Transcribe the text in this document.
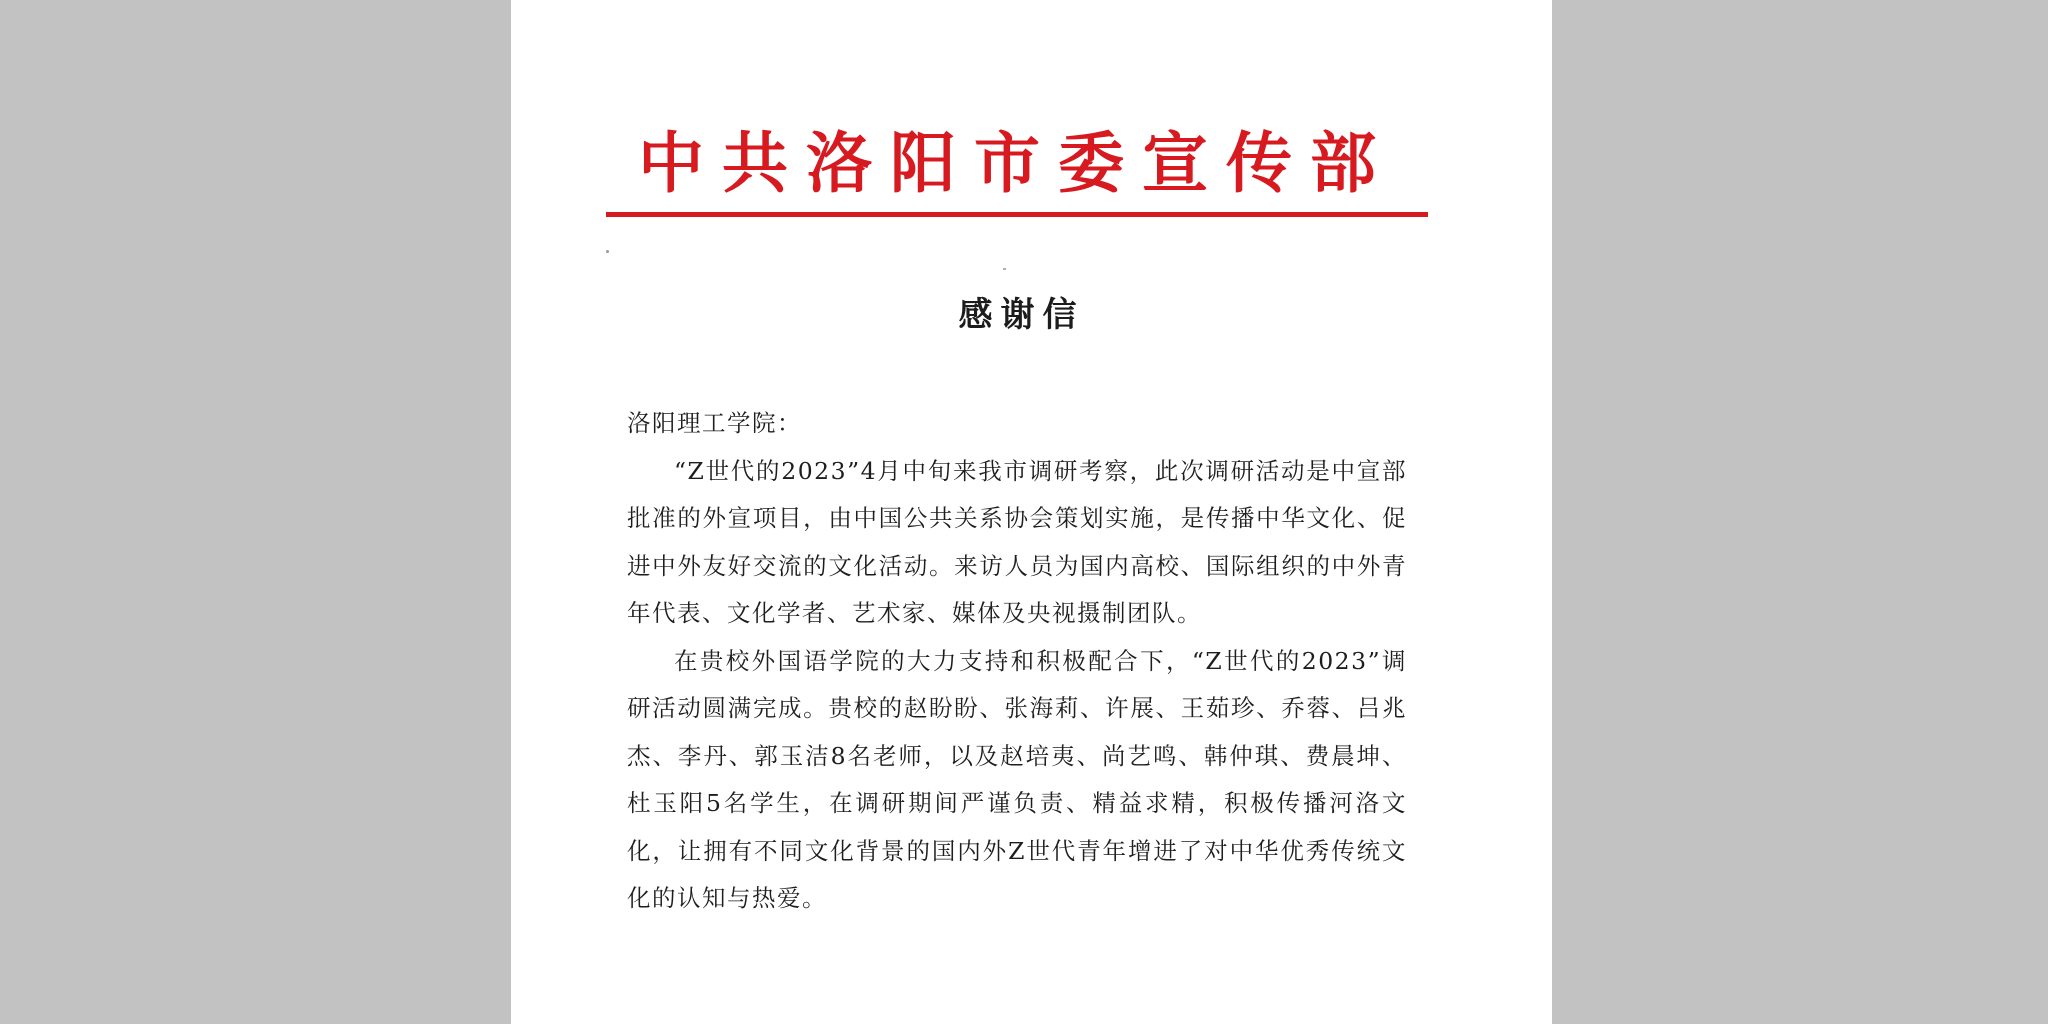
中共洛阳市委宣传部
感谢信

洛阳理工学院：

“Z世代的2023”4月中旬来我市调研考察，此次调研活动是中宣部批准的外宣项目，由中国公共关系协会策划实施，是传播中华文化、促进中外友好交流的文化活动。来访人员为国内高校、国际组织的中外青年代表、文化学者、艺术家、媒体及央视摄制团队。

在贵校外国语学院的大力支持和积极配合下，“Z世代的2023”调研活动圆满完成。贵校的赵盼盼、张海莉、许展、王茹珍、乔蓉、吕兆杰、李丹、郭玉洁8名老师，以及赵培夷、尚艺鸣、韩仲琪、费晨坤、杜玉阳5名学生，在调研期间严谨负责、精益求精，积极传播河洛文化，让拥有不同文化背景的国内外Z世代青年增进了对中华优秀传统文化的认知与热爱。
